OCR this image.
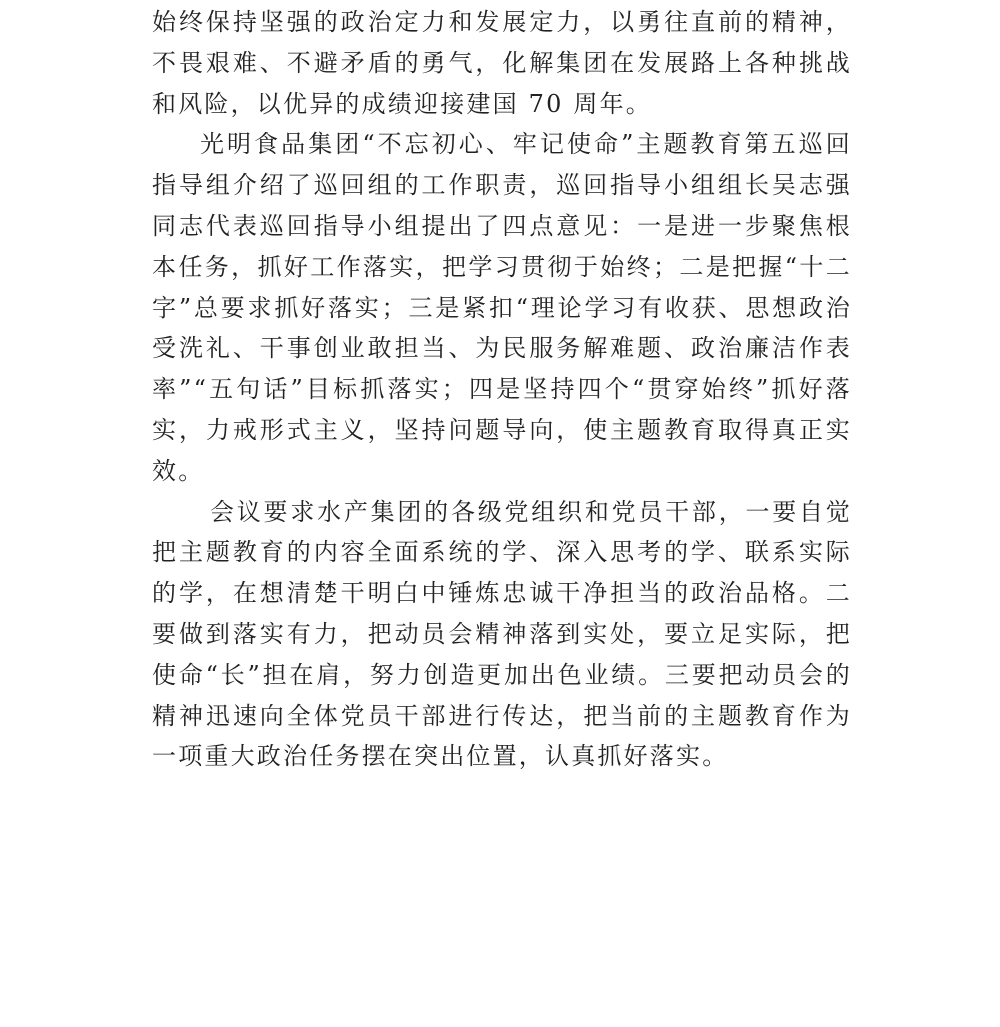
始终保持坚强的政治定力和发展定力，以勇往直前的精神，不畏艰难、不避矛盾的勇气，化解集团在发展路上各种挑战和风险，以优异的成绩迎接建国 70 周年。

光明食品集团“不忘初心、牢记使命”主题教育第五巡回指导组介绍了巡回组的工作职责，巡回指导小组组长吴志强同志代表巡回指导小组提出了四点意见：一是进一步聚焦根本任务，抓好工作落实，把学习贯彻于始终；二是把握“十二字”总要求抓好落实；三是紧扣“理论学习有收获、思想政治受洗礼、干事创业敢担当、为民服务解难题、政治廉洁作表率”“五句话”目标抓落实；四是坚持四个“贯穿始终”抓好落实，力戒形式主义，坚持问题导向，使主题教育取得真正实效。

会议要求水产集团的各级党组织和党员干部，一要自觉把主题教育的内容全面系统的学、深入思考的学、联系实际的学，在想清楚干明白中锤炼忠诚干净担当的政治品格。二要做到落实有力，把动员会精神落到实处，要立足实际，把使命“长”担在肩，努力创造更加出色业绩。三要把动员会的精神迅速向全体党员干部进行传达，把当前的主题教育作为一项重大政治任务摆在突出位置，认真抓好落实。
